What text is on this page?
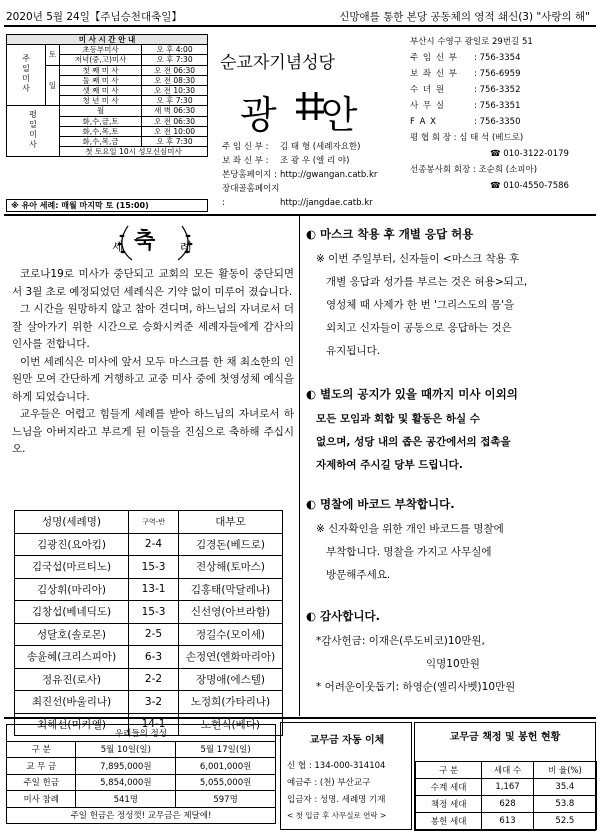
2020년 5월 24일【주님승천대축일】	신망애를 통한 본당 공동체의 영적 쇄신(3) "사랑의 해"
미 사 시 간 안 내			
주일미사	토	초등부미사	오 후 4:00
		저녁(중,고)미사	오 후 7:30
	일	첫 째 미 사	오 전 06:30
		둘 째 미 사	오 전 08:30
		셋 째 미 사	오 전 10:30
		청 년 미 사	오 후 7:30
평일미사		월	새 벽 06:30
		화,수,금,토	오 전 06:30
		화,수,목,토	오 전 10:00
		화,수,목,금	오 후 7:30
		첫 토요일 10시 성모신심미사	
※ 유아 세례: 매월 마지막 토 (15:00)
순교자기념성당
광 안
주 임 신 부 : 김 태 형 (세례자요한)
보 좌 신 부 : 조 광 우 (엘 리 야)
본당홈페이지 : http://gwangan.catb.kr
장대골홈페이지 :	http://jangdae.catb.kr
부산시 수영구 광일로 29번길 51
주 임 신 부 : 756-3354
보 좌 신 부 : 756-6959
수 녀 원	: 756-3352
사 무 실	: 756-3351
F A X	: 756-3350
평 협 회 장 : 심 태 석 (베드로)
☎ 010-3122-0179
선종봉사회 회장 : 조순희 (소피아)
☎ 010-4550-7586
세 축 례

코로나19로 미사가 중단되고 교회의 모든 활동이 중단되면서 3월 초로 예정되었던 세례식은 기약 없이 미루어 졌습니다.

그 시간을 원망하지 않고 참아 견디며, 하느님의 자녀로서 더 잘 살아가기 위한 시간으로 승화시켜준 세례자들에게 감사의 인사를 전합니다.

이번 세례식은 미사에 앞서 모두 마스크를 한 채 최소한의 인원만 모여 간단하게 거행하고 교중 미사 중에 첫영성체 예식을 하게 되었습니다.

교우들은 어렵고 힘들게 세례를 받아 하느님의 자녀로서 하느님을 아버지라고 부르게 된 이들을 진심으로 축하해 주십시오.

성명(세례명)	구역-반	대부모
김광진(요아킴)	2-4	김경돈(베드로)
김국섭(마르티노)	15-3	전상해(토마스)
김상휘(마리아)	13-1	김홍태(막달레나)
김창섭(베네딕도)	15-3	신선영(아브라함)
성달호(솔로몬)	2-5	정길수(모이세)
송윤혜(크리스피아)	6-3	손정연(엔화마리아)
정유진(로사)	2-2	장명애(에스텔)
최진선(바울리나)	3-2	노정희(가타리나)
최해선(미카엘)	14-1	노현식(베다)
◐ 마스크 착용 후 개별 응답 허용
※ 이번 주일부터, 신자들이 <마스크 착용 후
개별 응답과 성가를 부르는 것은 허용>되고,
영성체 때 사제가 한 번 '그리스도의 몸'을
외치고 신자들이 공동으로 응답하는 것은
유지됩니다.
◐ 별도의 공지가 있을 때까지 미사 이외의
모든 모임과 회합 및 활동은 하실 수
없으며, 성당 내의 좁은 공간에서의 접촉을
자제하여 주시길 당부 드립니다.
◐ 명찰에 바코드 부착합니다.
※ 신자확인을 위한 개인 바코드를 명찰에
부착합니다. 명찰을 가지고 사무실에
방문해주세요.
◐ 감사합니다.
*감사헌금: 이재은(루도비코)10만원,
익명10만원
* 어려운이웃돕기: 하영순(엘리사벳)10만원
우리들의 정성		
구 분	5월 10일(일)	5월 17일(일)
교 무 금	7,895,000원	6,001,000원
주일 헌금	5,854,000원	5,055,000원
미사 참례	541명	597명
주일 헌금은 정성껏! 교무금은 제달에!		
교무금 자동 이체
신 협 : 134-000-314104
예금주 : (천) 부산교구
입금자 : 성명. 세례명 기재
< 첫 입금 후 사무실로 연락 >
교무금 책정 및 봉헌 현황
구 분	세대 수	비 율(%)
수계 세대	1,167	35.4
책정 세대	628	53.8
봉헌 세대	613	52.5
